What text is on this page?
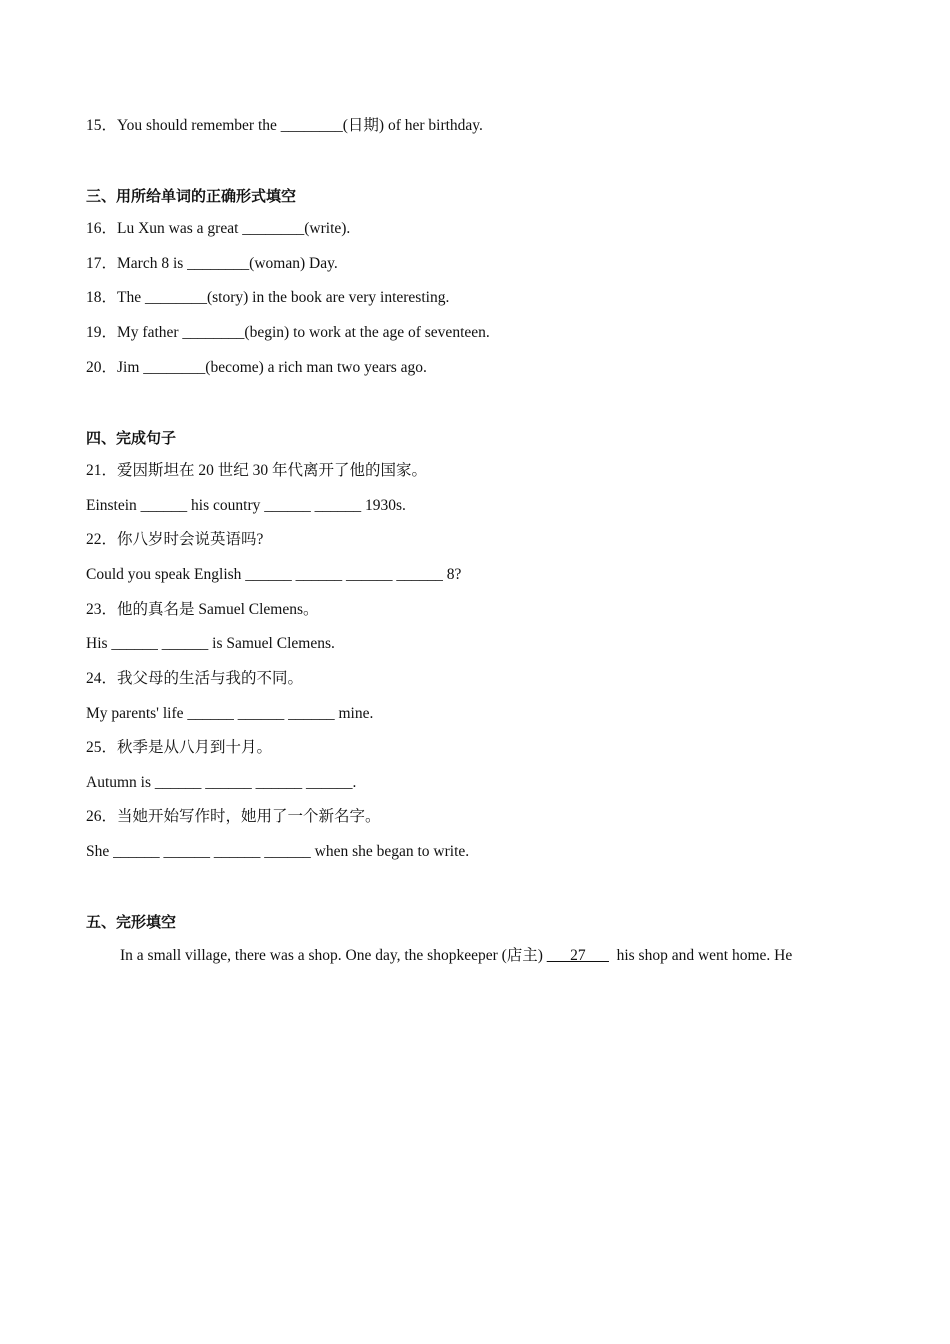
15．You should remember the ________(日期) of her birthday.
三、用所给单词的正确形式填空
16．Lu Xun was a great ________(write).
17．March 8 is ________(woman) Day.
18．The ________(story) in the book are very interesting.
19．My father ________(begin) to work at the age of seventeen.
20．Jim ________(become) a rich man two years ago.
四、完成句子
21．爱因斯坦在 20 世纪 30 年代离开了他的国家。
Einstein ______ his country ______ ______ 1930s.
22．你八岁时会说英语吗?
Could you speak English ______ ______ ______ ______ 8?
23．他的真名是 Samuel Clemens。
His ______ ______ is Samuel Clemens.
24．我父母的生活与我的不同。
My parents' life ______ ______ ______ mine.
25．秋季是从八月到十月。
Autumn is ______ ______ ______ ______.
26．当她开始写作时，她用了一个新名字。
She ______ ______ ______ ______ when she began to write.
五、完形填空
In a small village, there was a shop. One day, the shopkeeper (店主) ___27___  his shop and went home. He
